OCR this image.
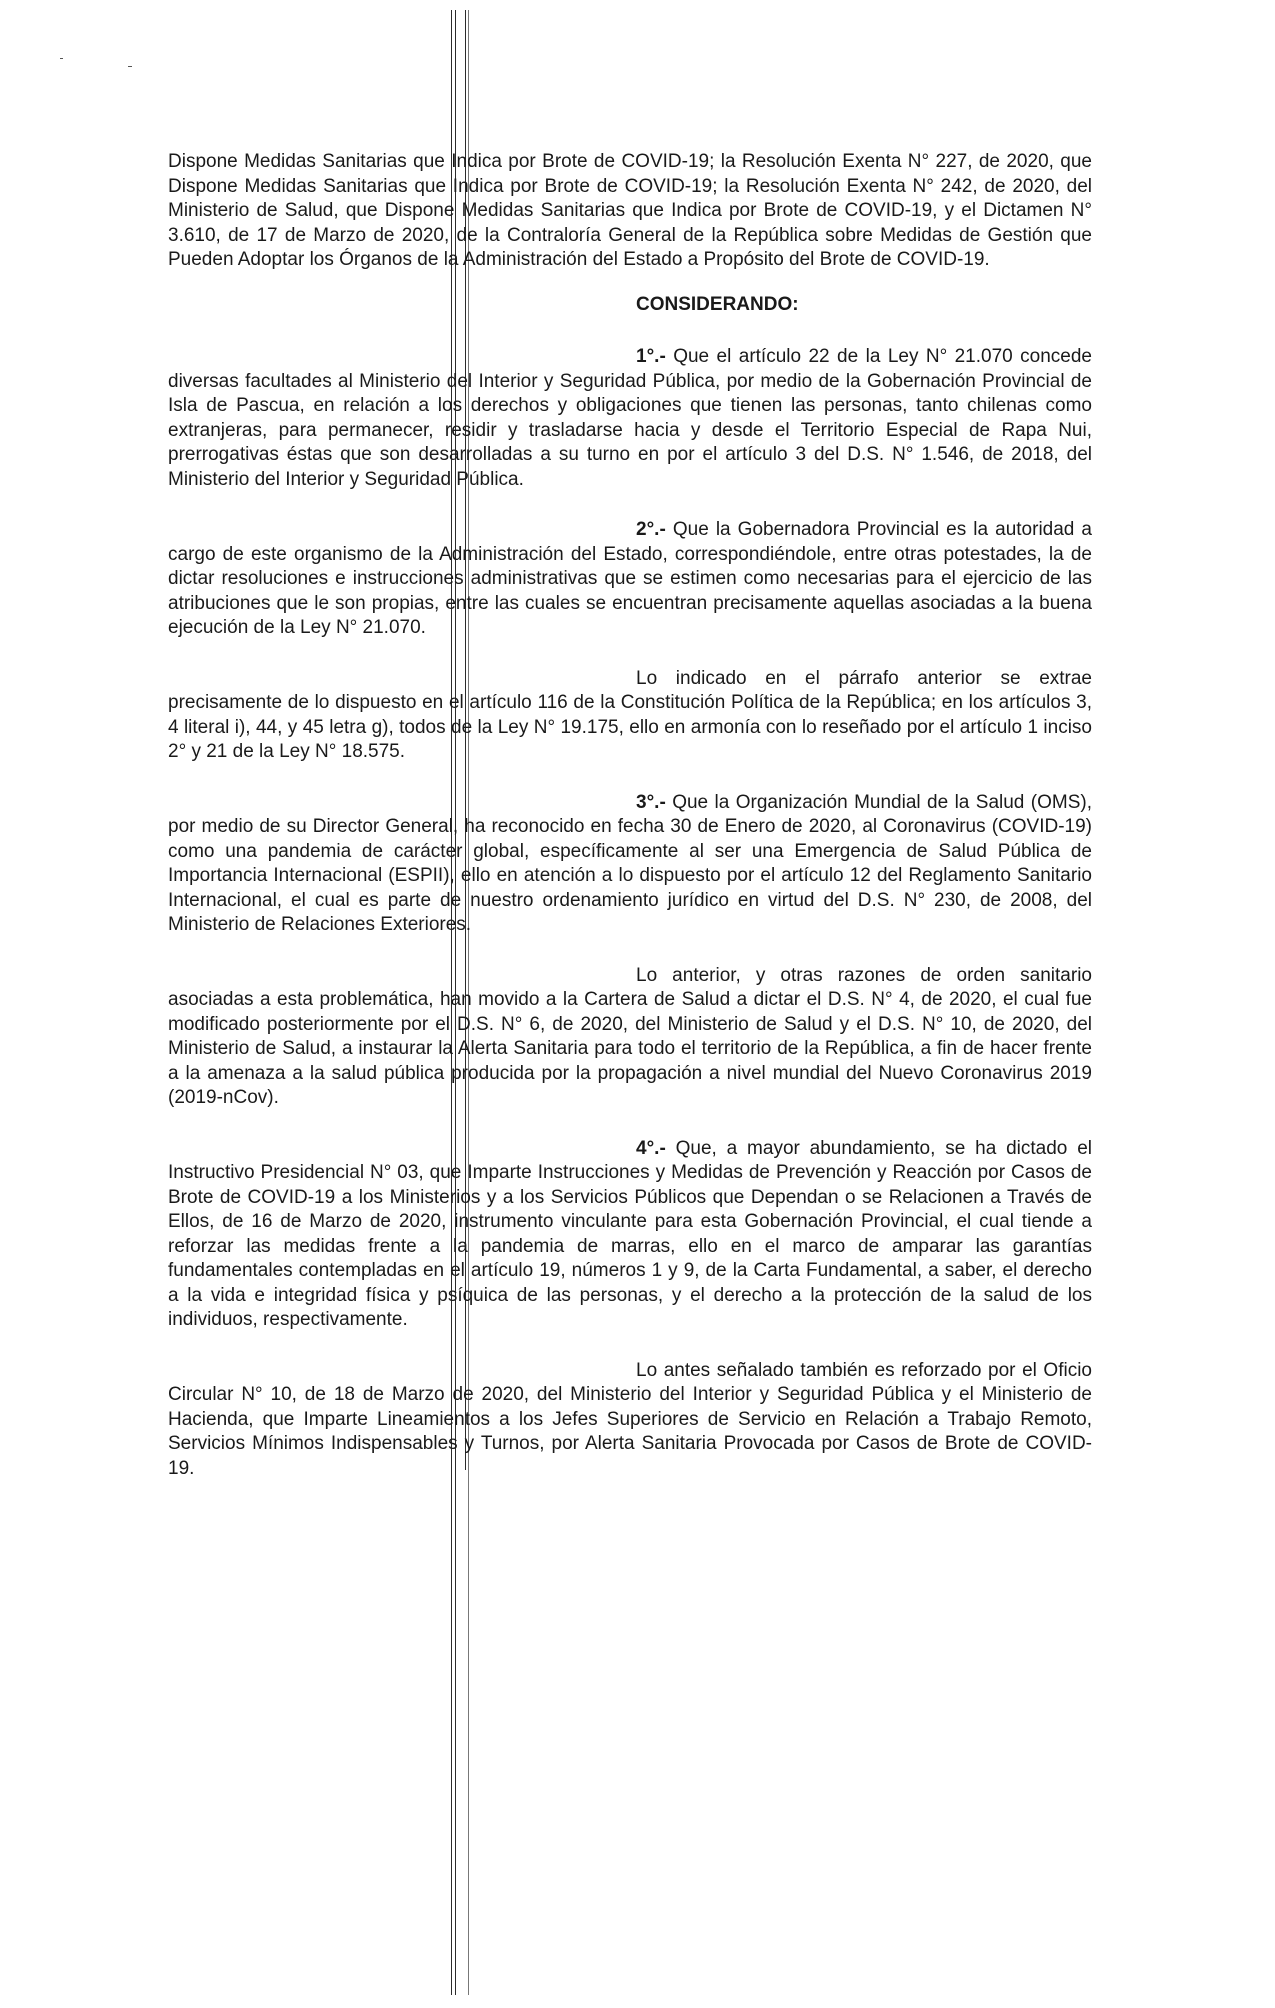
Dispone Medidas Sanitarias que Indica por Brote de COVID-19; la Resolución Exenta N° 227, de 2020, que Dispone Medidas Sanitarias que Indica por Brote de COVID-19; la Resolución Exenta N° 242, de 2020, del Ministerio de Salud, que Dispone Medidas Sanitarias que Indica por Brote de COVID-19, y el Dictamen N° 3.610, de 17 de Marzo de 2020, de la Contraloría General de la República sobre Medidas de Gestión que Pueden Adoptar los Órganos de la Administración del Estado a Propósito del Brote de COVID-19.

CONSIDERANDO:

1°.- Que el artículo 22 de la Ley N° 21.070 concede diversas facultades al Ministerio del Interior y Seguridad Pública, por medio de la Gobernación Provincial de Isla de Pascua, en relación a los derechos y obligaciones que tienen las personas, tanto chilenas como extranjeras, para permanecer, residir y trasladarse hacia y desde el Territorio Especial de Rapa Nui, prerrogativas éstas que son desarrolladas a su turno en por el artículo 3 del D.S. N° 1.546, de 2018, del Ministerio del Interior y Seguridad Pública.

2°.- Que la Gobernadora Provincial es la autoridad a cargo de este organismo de la Administración del Estado, correspondiéndole, entre otras potestades, la de dictar resoluciones e instrucciones administrativas que se estimen como necesarias para el ejercicio de las atribuciones que le son propias, entre las cuales se encuentran precisamente aquellas asociadas a la buena ejecución de la Ley N° 21.070.

Lo indicado en el párrafo anterior se extrae precisamente de lo dispuesto en el artículo 116 de la Constitución Política de la República; en los artículos 3, 4 literal i), 44, y 45 letra g), todos de la Ley N° 19.175, ello en armonía con lo reseñado por el artículo 1 inciso 2° y 21 de la Ley N° 18.575.

3°.- Que la Organización Mundial de la Salud (OMS), por medio de su Director General, ha reconocido en fecha 30 de Enero de 2020, al Coronavirus (COVID-19) como una pandemia de carácter global, específicamente al ser una Emergencia de Salud Pública de Importancia Internacional (ESPII), ello en atención a lo dispuesto por el artículo 12 del Reglamento Sanitario Internacional, el cual es parte de nuestro ordenamiento jurídico en virtud del D.S. N° 230, de 2008, del Ministerio de Relaciones Exteriores.

Lo anterior, y otras razones de orden sanitario asociadas a esta problemática, han movido a la Cartera de Salud a dictar el D.S. N° 4, de 2020, el cual fue modificado posteriormente por el D.S. N° 6, de 2020, del Ministerio de Salud y el D.S. N° 10, de 2020, del Ministerio de Salud, a instaurar la Alerta Sanitaria para todo el territorio de la República, a fin de hacer frente a la amenaza a la salud pública producida por la propagación a nivel mundial del Nuevo Coronavirus 2019 (2019-nCov).

4°.- Que, a mayor abundamiento, se ha dictado el Instructivo Presidencial N° 03, que Imparte Instrucciones y Medidas de Prevención y Reacción por Casos de Brote de COVID-19 a los Ministerios y a los Servicios Públicos que Dependan o se Relacionen a Través de Ellos, de 16 de Marzo de 2020, instrumento vinculante para esta Gobernación Provincial, el cual tiende a reforzar las medidas frente a la pandemia de marras, ello en el marco de amparar las garantías fundamentales contempladas en el artículo 19, números 1 y 9, de la Carta Fundamental, a saber, el derecho a la vida e integridad física y psíquica de las personas, y el derecho a la protección de la salud de los individuos, respectivamente.

Lo antes señalado también es reforzado por el Oficio Circular N° 10, de 18 de Marzo de 2020, del Ministerio del Interior y Seguridad Pública y el Ministerio de Hacienda, que Imparte Lineamientos a los Jefes Superiores de Servicio en Relación a Trabajo Remoto, Servicios Mínimos Indispensables y Turnos, por Alerta Sanitaria Provocada por Casos de Brote de COVID-19.
